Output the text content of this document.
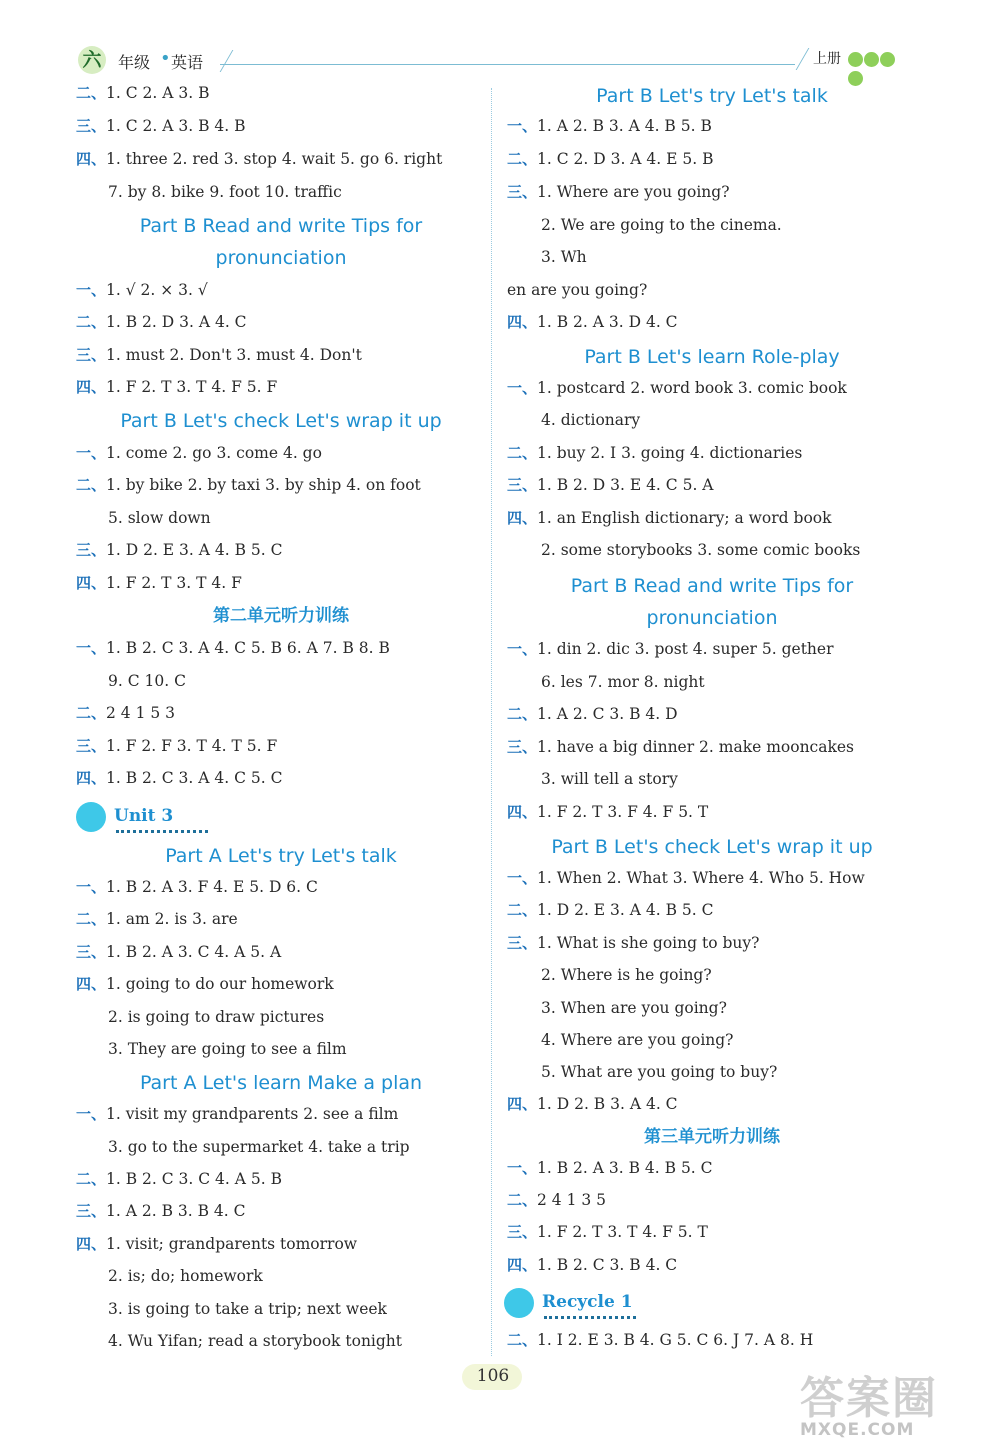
六 年级 • 英语	上册
二、1. C 2. A 3. B
三、1. C 2. A 3. B 4. B
四、1. three 2. red 3. stop 4. wait 5. go 6. right
7. by 8. bike 9. foot 10. traffic
Part B Read and write Tips for
pronunciation
一、1. √ 2. × 3. √
二、1. B 2. D 3. A 4. C
三、1. must 2. Don't 3. must 4. Don't
四、1. F 2. T 3. T 4. F 5. F
Part B Let's check Let's wrap it up
一、1. come 2. go 3. come 4. go
二、1. by bike 2. by taxi 3. by ship 4. on foot
5. slow down
三、1. D 2. E 3. A 4. B 5. C
四、1. F 2. T 3. T 4. F
第二单元听力训练
一、1. B 2. C 3. A 4. C 5. B 6. A 7. B 8. B
9. C 10. C
二、2 4 1 5 3
三、1. F 2. F 3. T 4. T 5. F
四、1. B 2. C 3. A 4. C 5. C
Unit 3
Part A Let's try Let's talk
一、1. B 2. A 3. F 4. E 5. D 6. C
二、1. am 2. is 3. are
三、1. B 2. A 3. C 4. A 5. A
四、1. going to do our homework
2. is going to draw pictures
3. They are going to see a film
Part A Let's learn Make a plan
一、1. visit my grandparents 2. see a film
3. go to the supermarket 4. take a trip
二、1. B 2. C 3. C 4. A 5. B
三、1. A 2. B 3. B 4. C
四、1. visit; grandparents tomorrow
2. is; do; homework
3. is going to take a trip; next week
4. Wu Yifan; read a storybook tonight
Part B Let's try Let's talk
一、1. A 2. B 3. A 4. B 5. B
二、1. C 2. D 3. A 4. E 5. B
三、1. Where are you going?
2. We are going to the cinema.
3. Wh
en are you going?
四、1. B 2. A 3. D 4. C
Part B Let's learn Role-play
一、1. postcard 2. word book 3. comic book
4. dictionary
二、1. buy 2. I 3. going 4. dictionaries
三、1. B 2. D 3. E 4. C 5. A
四、1. an English dictionary; a word book
2. some storybooks 3. some comic books
Part B Read and write Tips for
pronunciation
一、1. din 2. dic 3. post 4. super 5. gether
6. les 7. mor 8. night
二、1. A 2. C 3. B 4. D
三、1. have a big dinner 2. make mooncakes
3. will tell a story
四、1. F 2. T 3. F 4. F 5. T
Part B Let's check Let's wrap it up
一、1. When 2. What 3. Where 4. Who 5. How
二、1. D 2. E 3. A 4. B 5. C
三、1. What is she going to buy?
2. Where is he going?
3. When are you going?
4. Where are you going?
5. What are you going to buy?
四、1. D 2. B 3. A 4. C
第三单元听力训练
一、1. B 2. A 3. B 4. B 5. C
二、2 4 1 3 5
三、1. F 2. T 3. T 4. F 5. T
四、1. B 2. C 3. B 4. C
Recycle 1
二、1. I 2. E 3. B 4. G 5. C 6. J 7. A 8. H
106	答案圈
MXQE.COM
